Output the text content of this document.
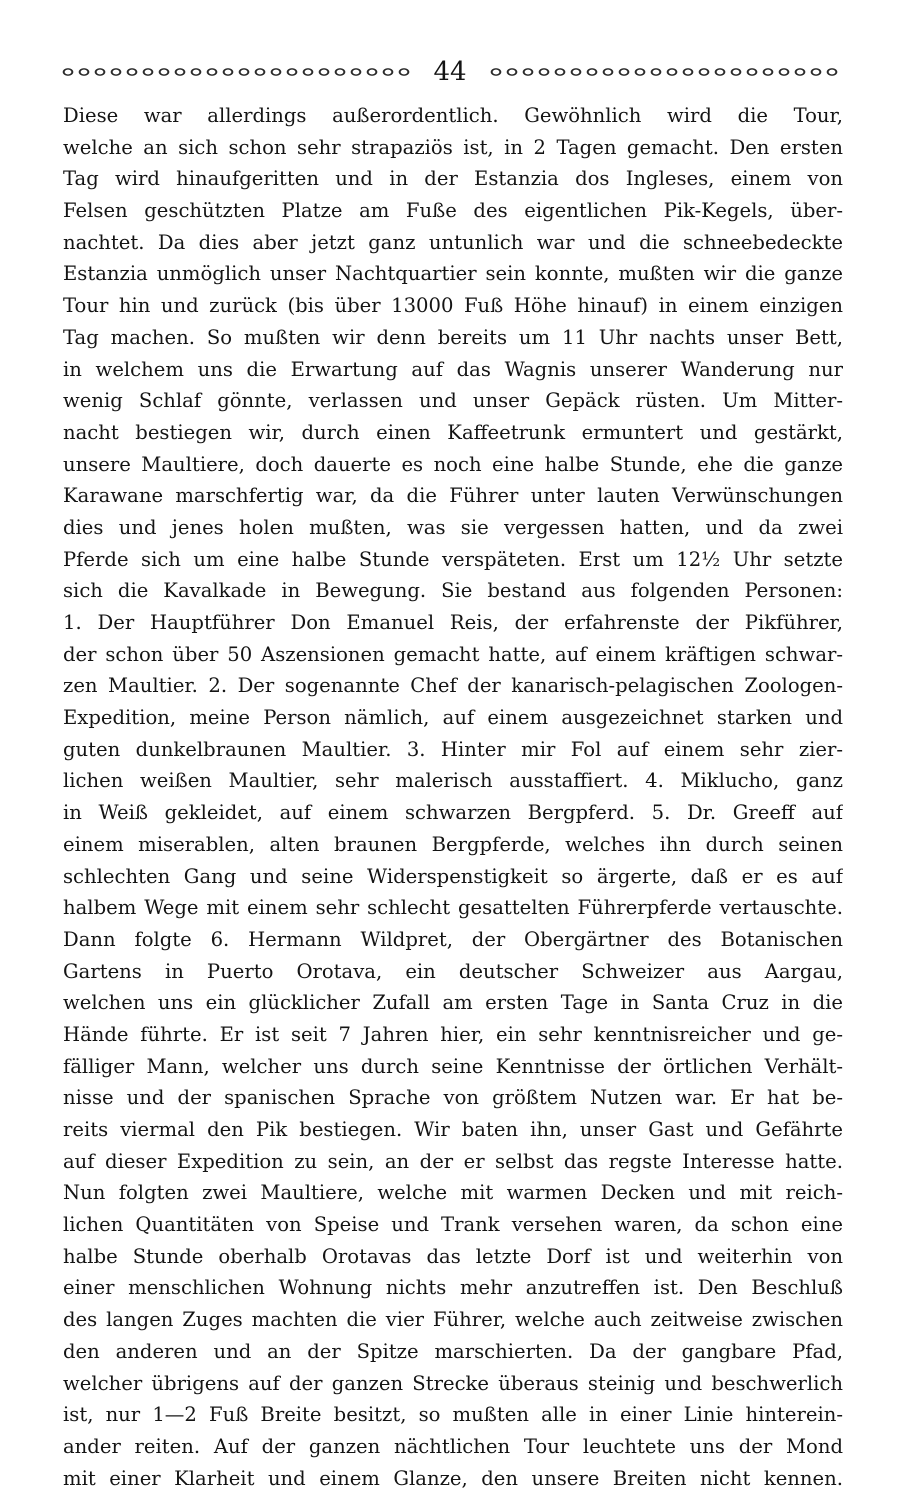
44
Diese war allerdings außerordentlich. Gewöhnlich wird die Tour,
welche an sich schon sehr strapaziös ist, in 2 Tagen gemacht. Den ersten
Tag wird hinaufgeritten und in der Estanzia dos Ingleses, einem von
Felsen geschützten Platze am Fuße des eigentlichen Pik-Kegels, über-
nachtet. Da dies aber jetzt ganz untunlich war und die schneebedeckte
Estanzia unmöglich unser Nachtquartier sein konnte, mußten wir die ganze
Tour hin und zurück (bis über 13000 Fuß Höhe hinauf) in einem einzigen
Tag machen. So mußten wir denn bereits um 11 Uhr nachts unser Bett,
in welchem uns die Erwartung auf das Wagnis unserer Wanderung nur
wenig Schlaf gönnte, verlassen und unser Gepäck rüsten. Um Mitter-
nacht bestiegen wir, durch einen Kaffeetrunk ermuntert und gestärkt,
unsere Maultiere, doch dauerte es noch eine halbe Stunde, ehe die ganze
Karawane marschfertig war, da die Führer unter lauten Verwünschungen
dies und jenes holen mußten, was sie vergessen hatten, und da zwei
Pferde sich um eine halbe Stunde verspäteten. Erst um 12½ Uhr setzte
sich die Kavalkade in Bewegung. Sie bestand aus folgenden Personen:
1. Der Hauptführer Don Emanuel Reis, der erfahrenste der Pikführer,
der schon über 50 Aszensionen gemacht hatte, auf einem kräftigen schwar-
zen Maultier. 2. Der sogenannte Chef der kanarisch-pelagischen Zoologen-
Expedition, meine Person nämlich, auf einem ausgezeichnet starken und
guten dunkelbraunen Maultier. 3. Hinter mir Fol auf einem sehr zier-
lichen weißen Maultier, sehr malerisch ausstaffiert. 4. Miklucho, ganz
in Weiß gekleidet, auf einem schwarzen Bergpferd. 5. Dr. Greeff auf
einem miserablen, alten braunen Bergpferde, welches ihn durch seinen
schlechten Gang und seine Widerspenstigkeit so ärgerte, daß er es auf
halbem Wege mit einem sehr schlecht gesattelten Führerpferde vertauschte.
Dann folgte 6. Hermann Wildpret, der Obergärtner des Botanischen
Gartens in Puerto Orotava, ein deutscher Schweizer aus Aargau,
welchen uns ein glücklicher Zufall am ersten Tage in Santa Cruz in die
Hände führte. Er ist seit 7 Jahren hier, ein sehr kenntnisreicher und ge-
fälliger Mann, welcher uns durch seine Kenntnisse der örtlichen Verhält-
nisse und der spanischen Sprache von größtem Nutzen war. Er hat be-
reits viermal den Pik bestiegen. Wir baten ihn, unser Gast und Gefährte
auf dieser Expedition zu sein, an der er selbst das regste Interesse hatte.
Nun folgten zwei Maultiere, welche mit warmen Decken und mit reich-
lichen Quantitäten von Speise und Trank versehen waren, da schon eine
halbe Stunde oberhalb Orotavas das letzte Dorf ist und weiterhin von
einer menschlichen Wohnung nichts mehr anzutreffen ist. Den Beschluß
des langen Zuges machten die vier Führer, welche auch zeitweise zwischen
den anderen und an der Spitze marschierten. Da der gangbare Pfad,
welcher übrigens auf der ganzen Strecke überaus steinig und beschwerlich
ist, nur 1—2 Fuß Breite besitzt, so mußten alle in einer Linie hinterein-
ander reiten. Auf der ganzen nächtlichen Tour leuchtete uns der Mond
mit einer Klarheit und einem Glanze, den unsere Breiten nicht kennen.
